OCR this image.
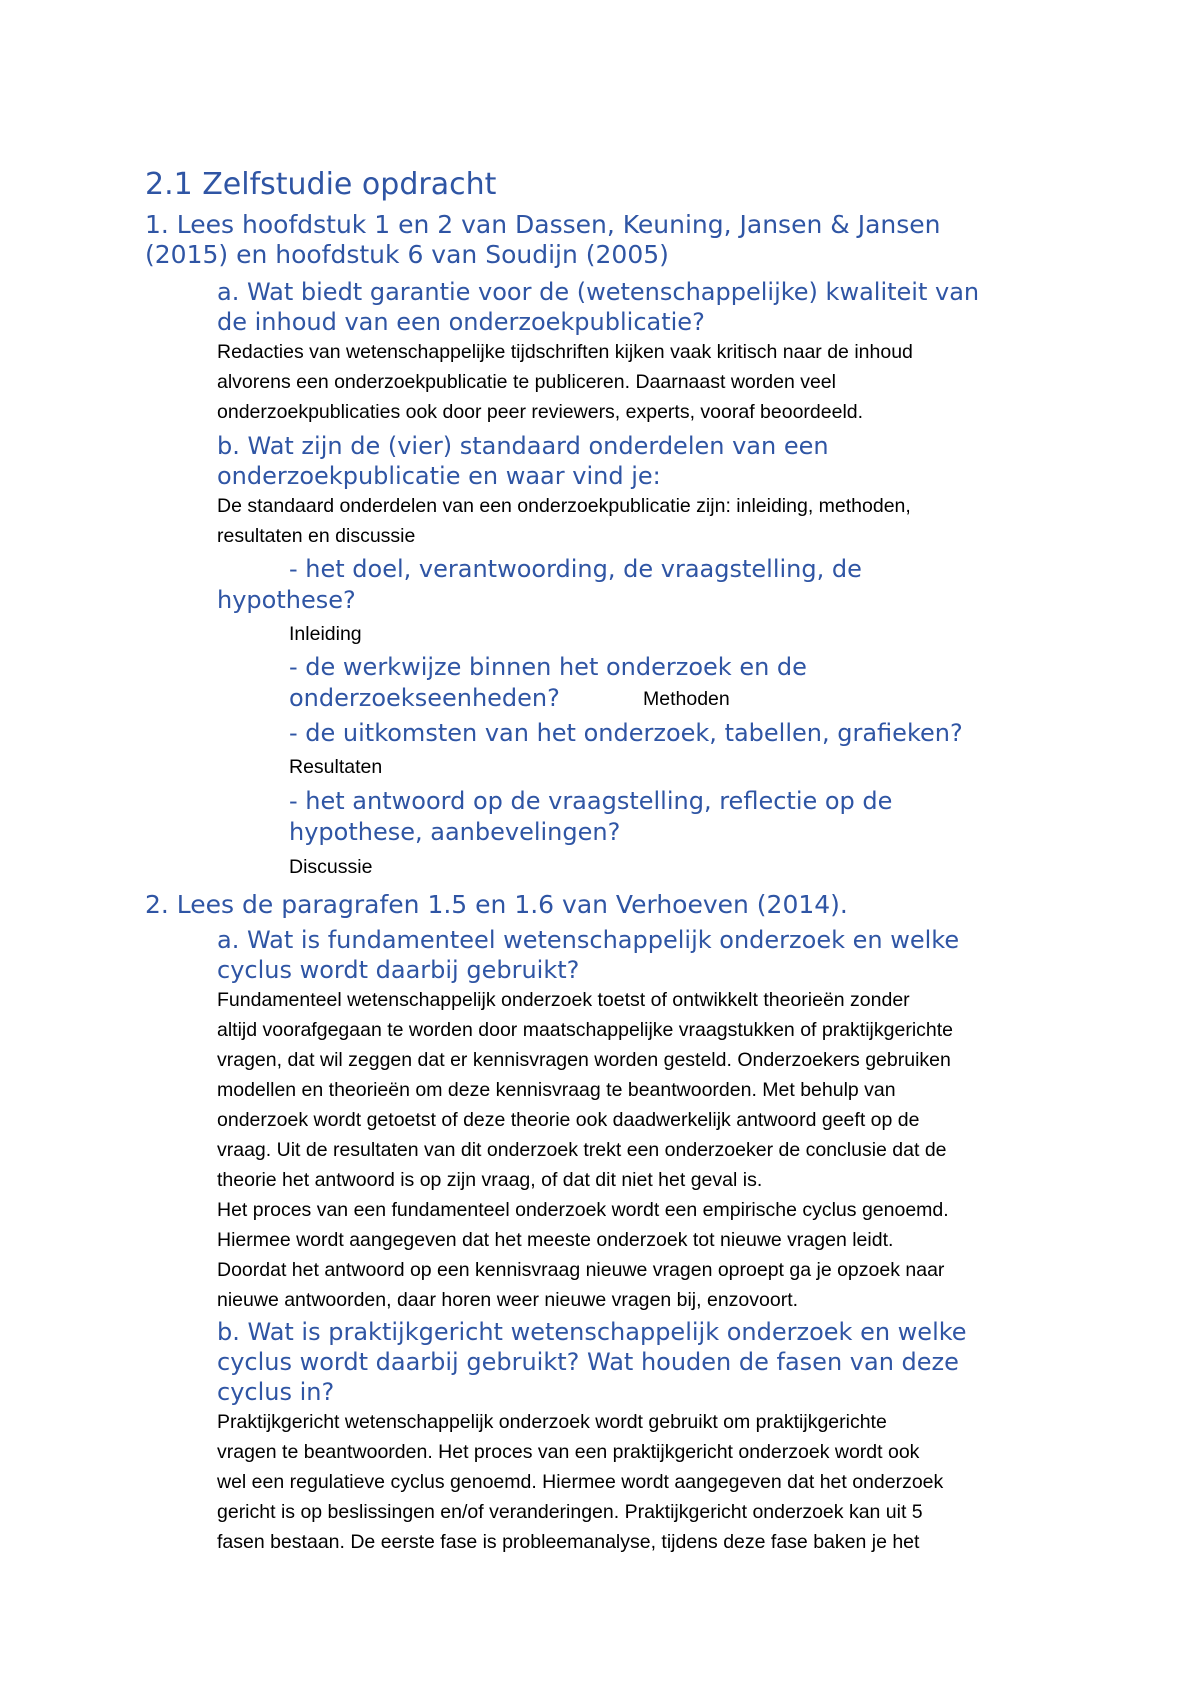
2.1 Zelfstudie opdracht
1. Lees hoofdstuk 1 en 2 van Dassen, Keuning, Jansen & Jansen
(2015) en hoofdstuk 6 van Soudijn (2005)
a. Wat biedt garantie voor de (wetenschappelijke) kwaliteit van
de inhoud van een onderzoekpublicatie?
Redacties van wetenschappelijke tijdschriften kijken vaak kritisch naar de inhoud
alvorens een onderzoekpublicatie te publiceren. Daarnaast worden veel
onderzoekpublicaties ook door peer reviewers, experts, vooraf beoordeeld.
b. Wat zijn de (vier) standaard onderdelen van een
onderzoekpublicatie en waar vind je:
De standaard onderdelen van een onderzoekpublicatie zijn: inleiding, methoden,
resultaten en discussie
- het doel, verantwoording, de vraagstelling, de
hypothese?
Inleiding
- de werkwijze binnen het onderzoek en de
onderzoekseenheden?	Methoden
- de uitkomsten van het onderzoek, tabellen, grafieken?
Resultaten
- het antwoord op de vraagstelling, reflectie op de
hypothese, aanbevelingen?
Discussie
2. Lees de paragrafen 1.5 en 1.6 van Verhoeven (2014).
a. Wat is fundamenteel wetenschappelijk onderzoek en welke
cyclus wordt daarbij gebruikt?
Fundamenteel wetenschappelijk onderzoek toetst of ontwikkelt theorieën zonder
altijd voorafgegaan te worden door maatschappelijke vraagstukken of praktijkgerichte
vragen, dat wil zeggen dat er kennisvragen worden gesteld. Onderzoekers gebruiken
modellen en theorieën om deze kennisvraag te beantwoorden. Met behulp van
onderzoek wordt getoetst of deze theorie ook daadwerkelijk antwoord geeft op de
vraag. Uit de resultaten van dit onderzoek trekt een onderzoeker de conclusie dat de
theorie het antwoord is op zijn vraag, of dat dit niet het geval is.
Het proces van een fundamenteel onderzoek wordt een empirische cyclus genoemd.
Hiermee wordt aangegeven dat het meeste onderzoek tot nieuwe vragen leidt.
Doordat het antwoord op een kennisvraag nieuwe vragen oproept ga je opzoek naar
nieuwe antwoorden, daar horen weer nieuwe vragen bij, enzovoort.
b. Wat is praktijkgericht wetenschappelijk onderzoek en welke
cyclus wordt daarbij gebruikt? Wat houden de fasen van deze
cyclus in?
Praktijkgericht wetenschappelijk onderzoek wordt gebruikt om praktijkgerichte
vragen te beantwoorden. Het proces van een praktijkgericht onderzoek wordt ook
wel een regulatieve cyclus genoemd. Hiermee wordt aangegeven dat het onderzoek
gericht is op beslissingen en/of veranderingen. Praktijkgericht onderzoek kan uit 5
fasen bestaan. De eerste fase is probleemanalyse, tijdens deze fase baken je het
